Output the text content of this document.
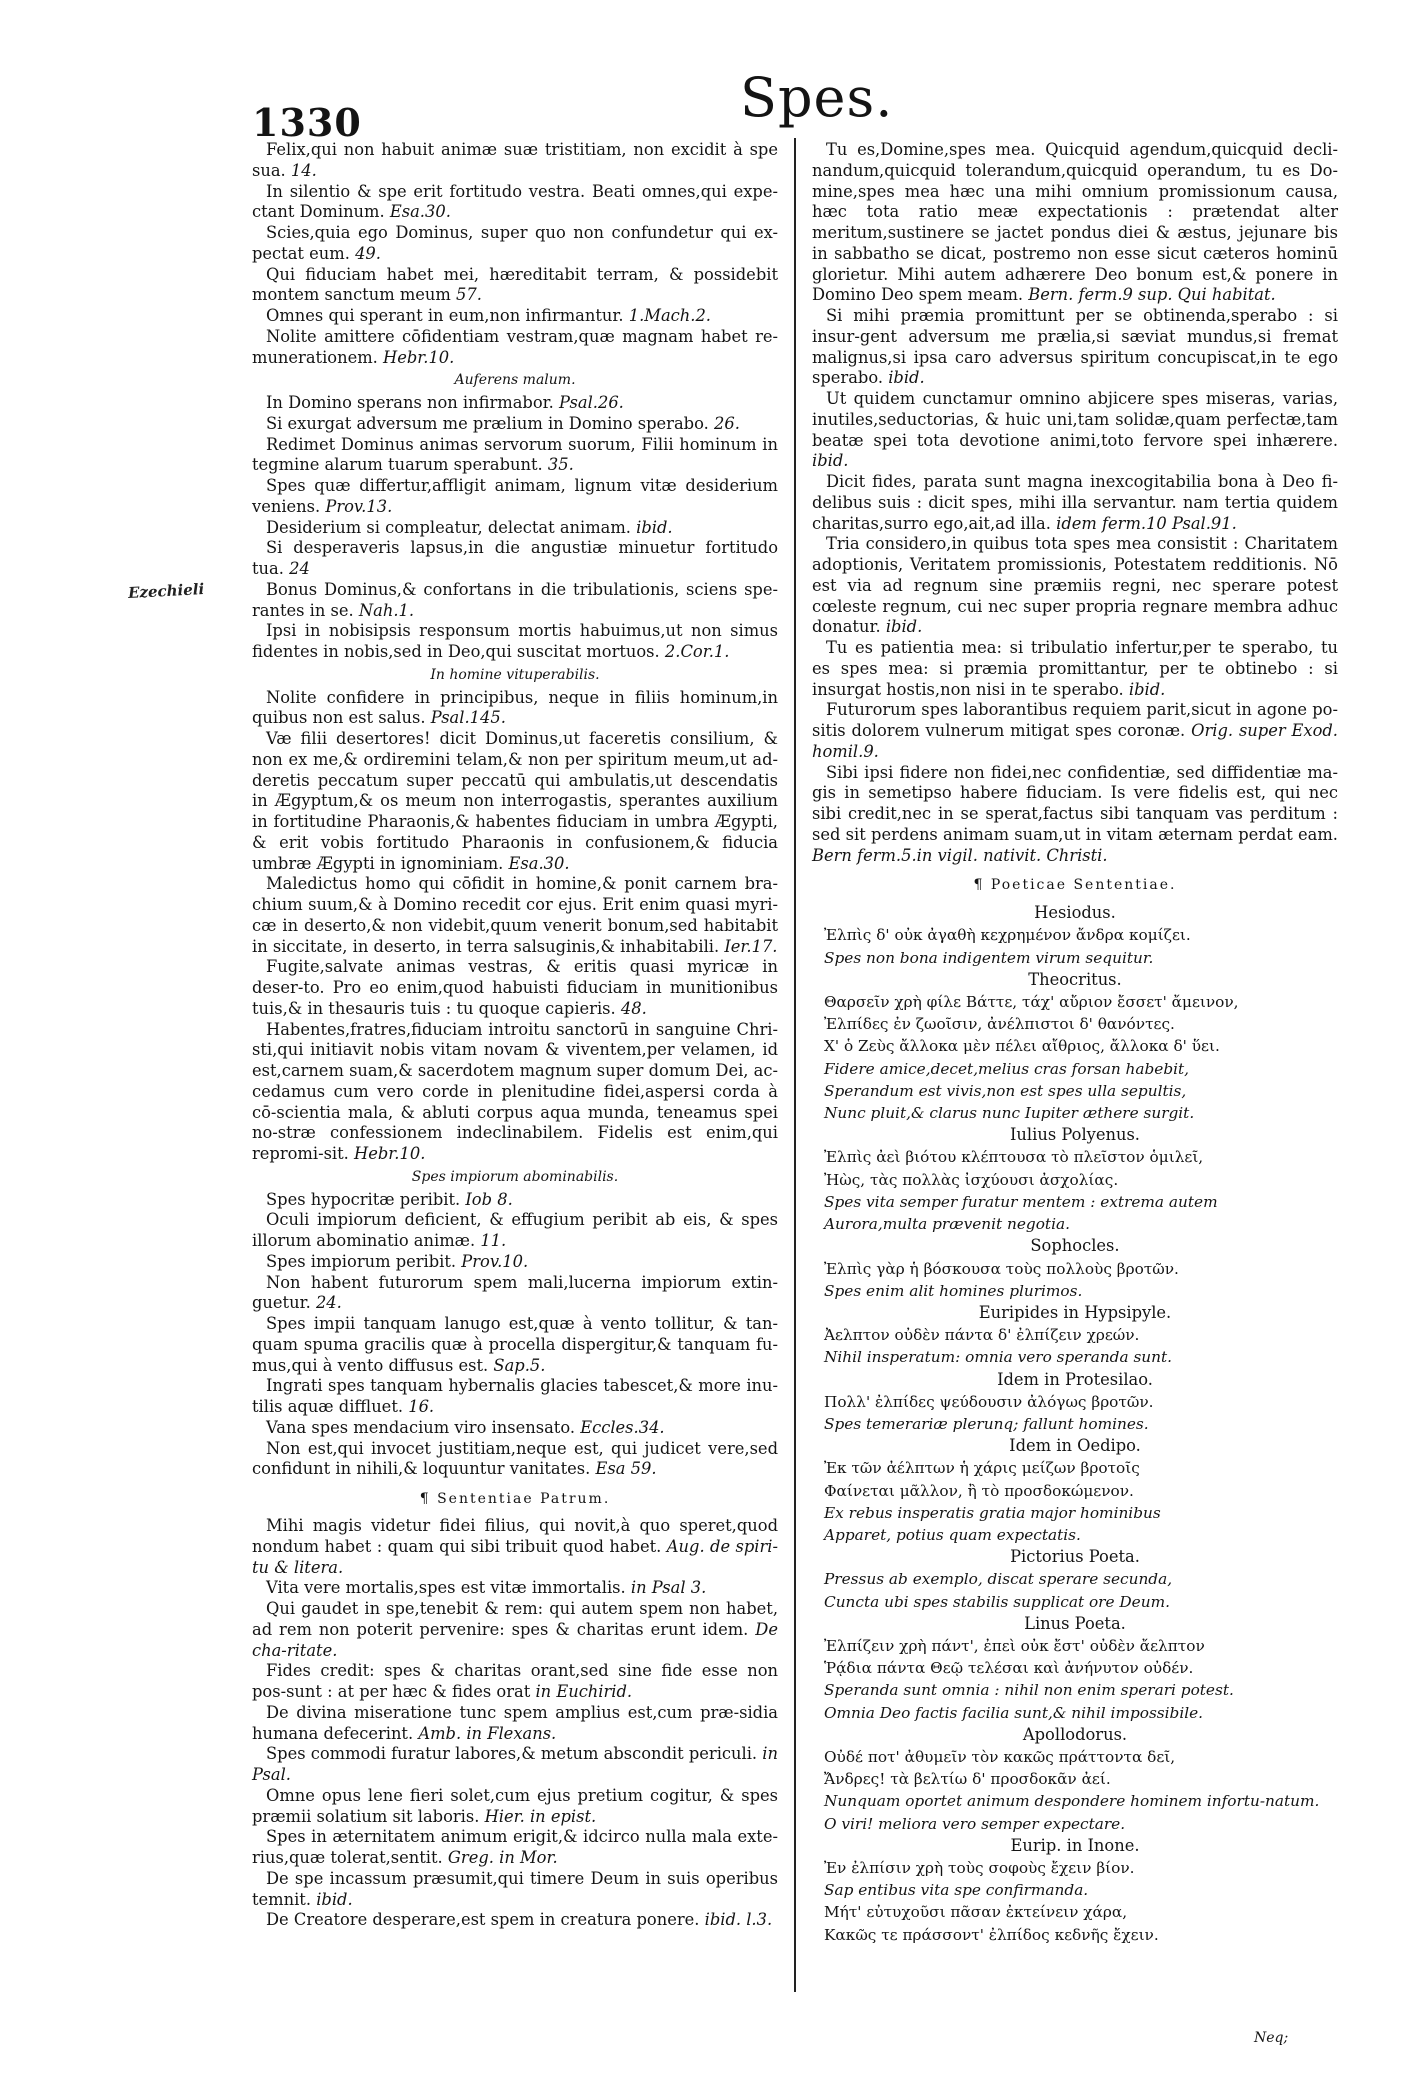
1330	Spes.
Ezechieli

Felix,qui non habuit animæ suæ tristitiam, non excidit à spe sua. 14.

In silentio & spe erit fortitudo vestra. Beati omnes,qui expe-ctant Dominum. Esa.30.

Scies,quia ego Dominus, super quo non confundetur qui ex-pectat eum. 49.

Qui fiduciam habet mei, hæreditabit terram, & possidebit montem sanctum meum 57.

Omnes qui sperant in eum,non infirmantur. 1.Mach.2.

Nolite amittere cōfidentiam vestram,quæ magnam habet re-munerationem. Hebr.10.

Auferens malum.

In Domino sperans non infirmabor. Psal.26.

Si exurgat adversum me prælium in Domino sperabo. 26.

Redimet Dominus animas servorum suorum, Filii hominum in tegmine alarum tuarum sperabunt. 35.

Spes quæ differtur,affligit animam, lignum vitæ desiderium veniens. Prov.13.

Desiderium si compleatur, delectat animam. ibid.

Si desperaveris lapsus,in die angustiæ minuetur fortitudo tua. 24

Bonus Dominus,& confortans in die tribulationis, sciens spe-rantes in se. Nah.1.

Ipsi in nobisipsis responsum mortis habuimus,ut non simus fidentes in nobis,sed in Deo,qui suscitat mortuos. 2.Cor.1.

In homine vituperabilis.

Nolite confidere in principibus, neque in filiis hominum,in quibus non est salus. Psal.145.

Væ filii desertores! dicit Dominus,ut faceretis consilium, & non ex me,& ordiremini telam,& non per spiritum meum,ut ad-deretis peccatum super peccatū qui ambulatis,ut descendatis in Ægyptum,& os meum non interrogastis, sperantes auxilium in fortitudine Pharaonis,& habentes fiduciam in umbra Ægypti, & erit vobis fortitudo Pharaonis in confusionem,& fiducia umbræ Ægypti in ignominiam. Esa.30.

Maledictus homo qui cōfidit in homine,& ponit carnem bra-chium suum,& à Domino recedit cor ejus. Erit enim quasi myri-cæ in deserto,& non videbit,quum venerit bonum,sed habitabit in siccitate, in deserto, in terra salsuginis,& inhabitabili. Ier.17.

Fugite,salvate animas vestras, & eritis quasi myricæ in deser-to. Pro eo enim,quod habuisti fiduciam in munitionibus tuis,& in thesauris tuis : tu quoque capieris. 48.

Habentes,fratres,fiduciam introitu sanctorū in sanguine Chri-sti,qui initiavit nobis vitam novam & viventem,per velamen, id est,carnem suam,& sacerdotem magnum super domum Dei, ac-cedamus cum vero corde in plenitudine fidei,aspersi corda à cō-scientia mala, & abluti corpus aqua munda, teneamus spei no-stræ confessionem indeclinabilem. Fidelis est enim,qui repromi-sit. Hebr.10.

Spes impiorum abominabilis.

Spes hypocritæ peribit. Iob 8.

Oculi impiorum deficient, & effugium peribit ab eis, & spes illorum abominatio animæ. 11.

Spes impiorum peribit. Prov.10.

Non habent futurorum spem mali,lucerna impiorum extin-guetur. 24.

Spes impii tanquam lanugo est,quæ à vento tollitur, & tan-quam spuma gracilis quæ à procella dispergitur,& tanquam fu-mus,qui à vento diffusus est. Sap.5.

Ingrati spes tanquam hybernalis glacies tabescet,& more inu-tilis aquæ diffluet. 16.

Vana spes mendacium viro insensato. Eccles.34.

Non est,qui invocet justitiam,neque est, qui judicet vere,sed confidunt in nihili,& loquuntur vanitates. Esa 59.

¶ Sententiae Patrum.

Mihi magis videtur fidei filius, qui novit,à quo speret,quod nondum habet : quam qui sibi tribuit quod habet. Aug. de spiri-tu & litera.

Vita vere mortalis,spes est vitæ immortalis. in Psal 3.

Qui gaudet in spe,tenebit & rem: qui autem spem non habet, ad rem non poterit pervenire: spes & charitas erunt idem. De cha-ritate.

Fides credit: spes & charitas orant,sed sine fide esse non pos-sunt : at per hæc & fides orat in Euchirid.

De divina miseratione tunc spem amplius est,cum præ-sidia humana defecerint. Amb. in Flexans.

Spes commodi furatur labores,& metum abscondit periculi. in Psal.

Omne opus lene fieri solet,cum ejus pretium cogitur, & spes præmii solatium sit laboris. Hier. in epist.

Spes in æternitatem animum erigit,& idcirco nulla mala exte-rius,quæ tolerat,sentit. Greg. in Mor.

De spe incassum præsumit,qui timere Deum in suis operibus temnit. ibid.

De Creatore desperare,est spem in creatura ponere. ibid. l.3.

Tu es,Domine,spes mea. Quicquid agendum,quicquid decli-nandum,quicquid tolerandum,quicquid operandum, tu es Do-mine,spes mea hæc una mihi omnium promissionum causa, hæc tota ratio meæ expectationis : prætendat alter meritum,sustinere se jactet pondus diei & æstus, jejunare bis in sabbatho se dicat, postremo non esse sicut cæteros hominū glorietur. Mihi autem adhærere Deo bonum est,& ponere in Domino Deo spem meam. Bern. ferm.9 sup. Qui habitat.

Si mihi præmia promittunt per se obtinenda,sperabo : si insur-gent adversum me prælia,si sæviat mundus,si fremat malignus,si ipsa caro adversus spiritum concupiscat,in te ego sperabo. ibid.

Ut quidem cunctamur omnino abjicere spes miseras, varias, inutiles,seductorias, & huic uni,tam solidæ,quam perfectæ,tam beatæ spei tota devotione animi,toto fervore spei inhærere. ibid.

Dicit fides, parata sunt magna inexcogitabilia bona à Deo fi-delibus suis : dicit spes, mihi illa servantur. nam tertia quidem charitas,surro ego,ait,ad illa. idem ferm.10 Psal.91.

Tria considero,in quibus tota spes mea consistit : Charitatem adoptionis, Veritatem promissionis, Potestatem redditionis. Nō est via ad regnum sine præmiis regni, nec sperare potest cœleste regnum, cui nec super propria regnare membra adhuc donatur. ibid.

Tu es patientia mea: si tribulatio infertur,per te sperabo, tu es spes mea: si præmia promittantur, per te obtinebo : si insurgat hostis,non nisi in te sperabo. ibid.

Futurorum spes laborantibus requiem parit,sicut in agone po-sitis dolorem vulnerum mitigat spes coronæ. Orig. super Exod. homil.9.

Sibi ipsi fidere non fidei,nec confidentiæ, sed diffidentiæ ma-gis in semetipso habere fiduciam. Is vere fidelis est, qui nec sibi credit,nec in se sperat,factus sibi tanquam vas perditum : sed sit perdens animam suam,ut in vitam æternam perdat eam. Bern ferm.5.in vigil. nativit. Christi.

¶ Poeticae Sententiae.
Hesiodus.
Ἐλπὶς δ' οὐκ ἀγαθὴ κεχρημένον ἄνδρα κομίζει.
Spes non bona indigentem virum sequitur.
Theocritus.
Θαρσεῖν χρὴ φίλε Βάττε, τάχ' αὔριον ἔσσετ' ἄμεινον,
Ἐλπίδες ἐν ζωοῖσιν, ἀνέλπιστοι δ' θανόντες.
Χ' ὁ Ζεὺς ἄλλοκα μὲν πέλει αἴθριος, ἄλλοκα δ' ὕει.
Fidere amice,decet,melius cras forsan habebit,
Sperandum est vivis,non est spes ulla sepultis,
Nunc pluit,& clarus nunc Iupiter æthere surgit.
Iulius Polyenus.
Ἐλπὶς ἀεὶ βιότου κλέπτουσα τὸ πλεῖστον ὁμιλεῖ,
Ἠὼς, τὰς πολλὰς ἰσχύουσι ἀσχολίας.
Spes vita semper furatur mentem : extrema autem
Aurora,multa prævenit negotia.
Sophocles.
Ἐλπὶς γὰρ ἡ βόσκουσα τοὺς πολλοὺς βροτῶν.
Spes enim alit homines plurimos.
Euripides in Hypsipyle.
Ἀελπτον οὐδὲν πάντα δ' ἐλπίζειν χρεών.
Nihil insperatum: omnia vero speranda sunt.
Idem in Protesilao.
Πολλ' ἐλπίδες ψεύδουσιν ἀλόγως βροτῶν.
Spes temerariæ plerunq; fallunt homines.
Idem in Oedipo.
Ἐκ τῶν ἀέλπτων ἡ χάρις μείζων βροτοῖς
Φαίνεται μᾶλλον, ἢ τὸ προσδοκώμενον.
Ex rebus insperatis gratia major hominibus
Apparet, potius quam expectatis.
Pictorius Poeta.
Pressus ab exemplo, discat sperare secunda,
Cuncta ubi spes stabilis supplicat ore Deum.
Linus Poeta.
Ἐλπίζειν χρὴ πάντ', ἐπεὶ οὐκ ἔστ' οὐδὲν ἄελπτον
Ῥᾴδια πάντα Θεῷ τελέσαι καὶ ἀνήνυτον οὐδέν.
Speranda sunt omnia : nihil non enim sperari potest.
Omnia Deo factis facilia sunt,& nihil impossibile.
Apollodorus.
Οὐδέ ποτ' ἀθυμεῖν τὸν κακῶς πράττοντα δεῖ,
Ἄνδρες! τὰ βελτίω δ' προσδοκᾶν ἀεί.
Nunquam oportet animum despondere hominem infortu-natum.
O viri! meliora vero semper expectare.
Eurip. in Inone.
Ἐν ἐλπίσιν χρὴ τοὺς σοφοὺς ἔχειν βίον.
Sap entibus vita spe confirmanda.
Μήτ' εὐτυχοῦσι πᾶσαν ἐκτείνειν χάρα,
Κακῶς τε πράσσοντ' ἐλπίδος κεδνῆς ἔχειν.
Neq;
